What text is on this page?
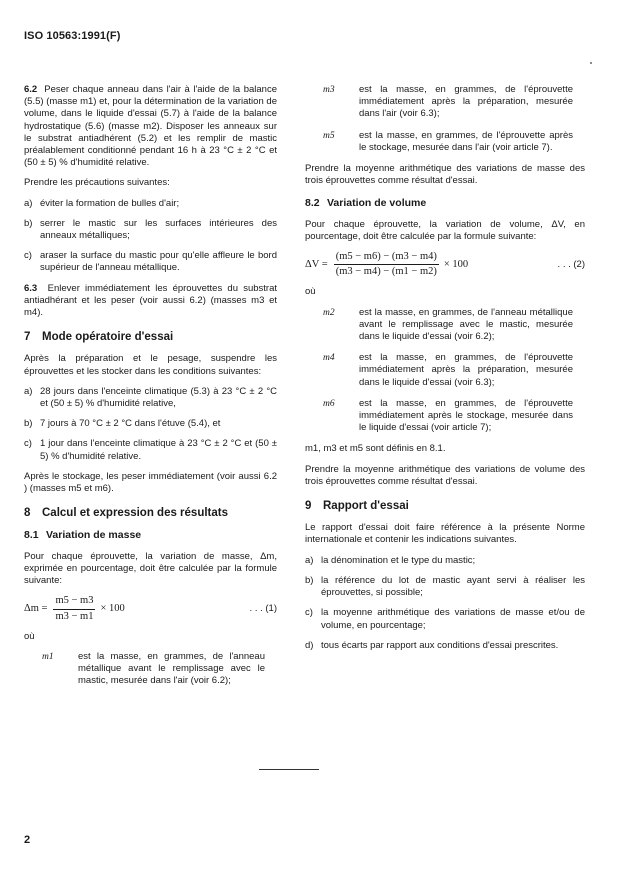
ISO 10563:1991(F)

6.2 Peser chaque anneau dans l'air à l'aide de la balance (5.5) (masse m1) et, pour la détermination de la variation de volume, dans le liquide d'essai (5.7) à l'aide de la balance hydrostatique (5.6) (masse m2). Disposer les anneaux sur le substrat antiadhérent (5.2) et les remplir de mastic préalablement conditionné pendant 16 h à 23 °C ± 2 °C et (50 ± 5) % d'humidité relative.

Prendre les précautions suivantes:

a) éviter la formation de bulles d'air;
b) serrer le mastic sur les surfaces intérieures des anneaux métalliques;
c) araser la surface du mastic pour qu'elle affleure le bord supérieur de l'anneau métallique.

6.3 Enlever immédiatement les éprouvettes du substrat antiadhérant et les peser (voir aussi 6.2) (masses m3 et m4).

7	Mode opératoire d'essai

Après la préparation et le pesage, suspendre les éprouvettes et les stocker dans les conditions suivantes:

a) 28 jours dans l'enceinte climatique (5.3) à 23 °C ± 2 °C et (50 ± 5) % d'humidité relative,
b) 7 jours à 70 °C ± 2 °C dans l'étuve (5.4), et
c) 1 jour dans l'enceinte climatique à 23 °C ± 2 °C et (50 ± 5) % d'humidité relative.

Après le stockage, les peser immédiatement (voir aussi 6.2 ) (masses m5 et m6).

8	Calcul et expression des résultats
8.1 Variation de masse

Pour chaque éprouvette, la variation de masse, Δm, exprimée en pourcentage, doit être calculée par la formule suivante:

$\Delta m = \frac{m5 - m3}{m3 - m1} \times 100$	. . . (1)
où
m1	est la masse, en grammes, de l'anneau métallique avant le remplissage avec le mastic, mesurée dans l'air (voir 6.2);
m3	est la masse, en grammes, de l'éprouvette immédiatement après la préparation, mesurée dans l'air (voir 6.3);
m5	est la masse, en grammes, de l'éprouvette après le stockage, mesurée dans l'air (voir article 7).

Prendre la moyenne arithmétique des variations de masse des trois éprouvettes comme résultat d'essai.

8.2 Variation de volume

Pour chaque éprouvette, la variation de volume, ΔV, en pourcentage, doit être calculée par la formule suivante:

$\Delta V = \frac{(m5 - m6) - (m3 - m4)}{(m3 - m4) - (m1 - m2)} \times 100$	. . . (2)
où
m2	est la masse, en grammes, de l'anneau métallique avant le remplissage avec le mastic, mesurée dans le liquide d'essai (voir 6.2);
m4	est la masse, en grammes, de l'éprouvette immédiatement après la préparation, mesurée dans le liquide d'essai (voir 6.3);
m6	est la masse, en grammes, de l'éprouvette immédiatement après le stockage, mesurée dans le liquide d'essai (voir article 7);

m1, m3 et m5 sont définis en 8.1.

Prendre la moyenne arithmétique des variations de volume des trois éprouvettes comme résultat d'essai.

9	Rapport d'essai

Le rapport d'essai doit faire référence à la présente Norme internationale et contenir les indications suivantes.

a) la dénomination et le type du mastic;
b) la référence du lot de mastic ayant servi à réaliser les éprouvettes, si possible;
c) la moyenne arithmétique des variations de masse et/ou de volume, en pourcentage;
d) tous écarts par rapport aux conditions d'essai prescrites.
2
